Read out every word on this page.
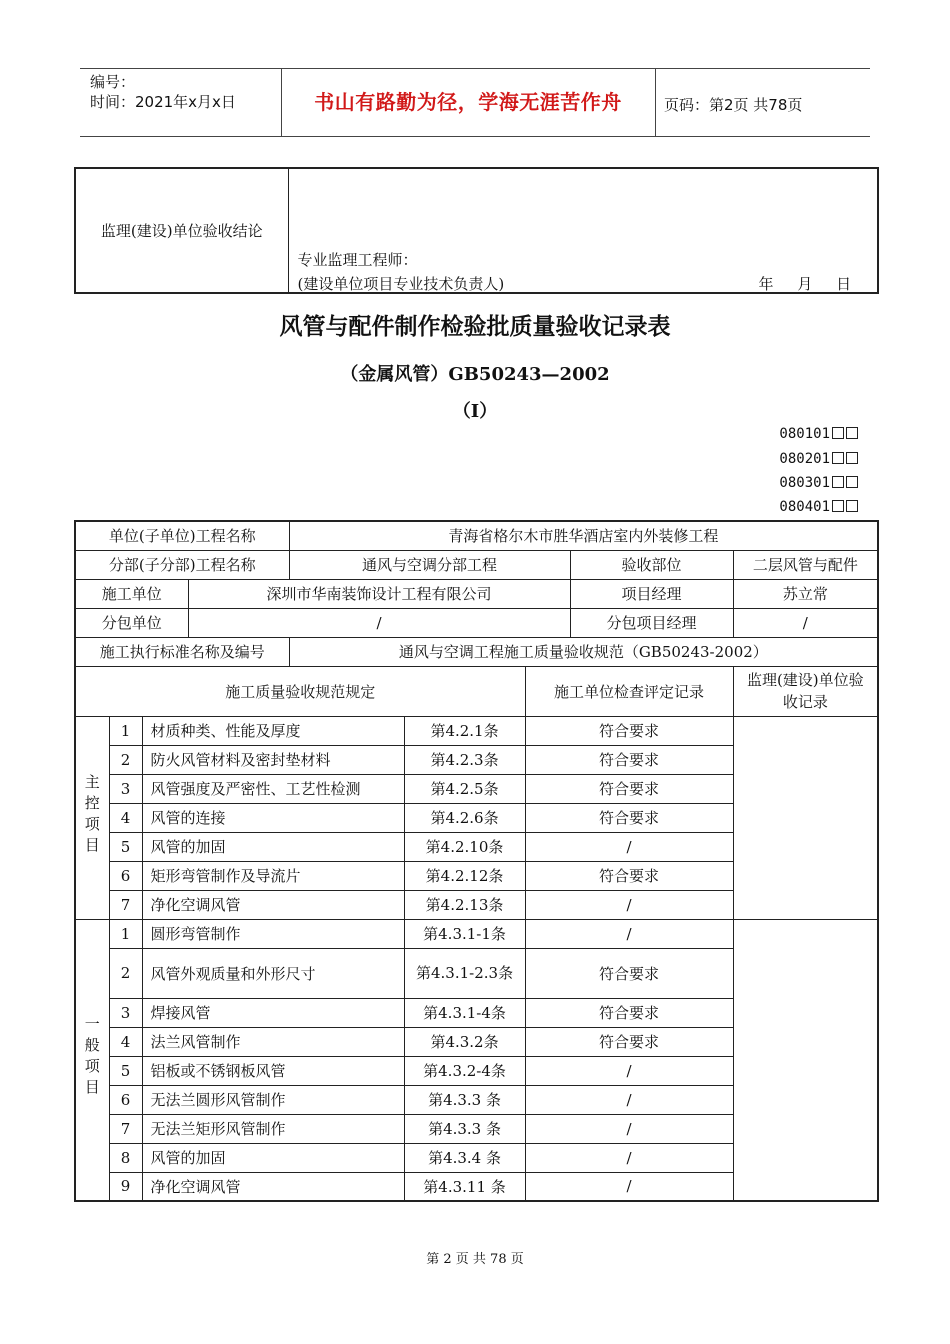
编号：
时间：2021年x月x日	书山有路勤为径，学海无涯苦作舟	页码：第2页 共78页
监理(建设)单位验收结论	
专业监理工程师：
(建设单位项目专业技术负责人)	年     月     日
风管与配件制作检验批质量验收记录表
（金属风管）GB50243—2002
（Ⅰ）
080101
080201
080301
080401
单位(子单位)工程名称				青海省格尔木市胜华酒店室内外装修工程				
分部(子分部)工程名称				通风与空调分部工程			验收部位	二层风管与配件
施工单位			深圳市华南装饰设计工程有限公司				项目经理	苏立常
分包单位			/				分包项目经理	/
施工执行标准名称及编号				通风与空调工程施工质量验收规范（GB50243-2002）				
施工质量验收规范规定						施工单位检查评定记录		监理(建设)单位验收记录
主控项目	1	材质种类、性能及厚度			第4.2.1条	符合要求		
	2	防火风管材料及密封垫材料			第4.2.3条	符合要求		
	3	风管强度及严密性、工艺性检测			第4.2.5条	符合要求		
	4	风管的连接			第4.2.6条	符合要求		
	5	风管的加固			第4.2.10条	/		
	6	矩形弯管制作及导流片			第4.2.12条	符合要求		
	7	净化空调风管			第4.2.13条	/		
一般项目	1	圆形弯管制作			第4.3.1-1条	/		
	2	风管外观质量和外形尺寸			第4.3.1-2.3条	符合要求		
	3	焊接风管			第4.3.1-4条	符合要求		
	4	法兰风管制作			第4.3.2条	符合要求		
	5	铝板或不锈钢板风管			第4.3.2-4条	/		
	6	无法兰圆形风管制作			第4.3.3 条	/		
	7	无法兰矩形风管制作			第4.3.3 条	/		
	8	风管的加固			第4.3.4 条	/		
	9	净化空调风管			第4.3.11 条	/		
第 2 页 共 78 页
